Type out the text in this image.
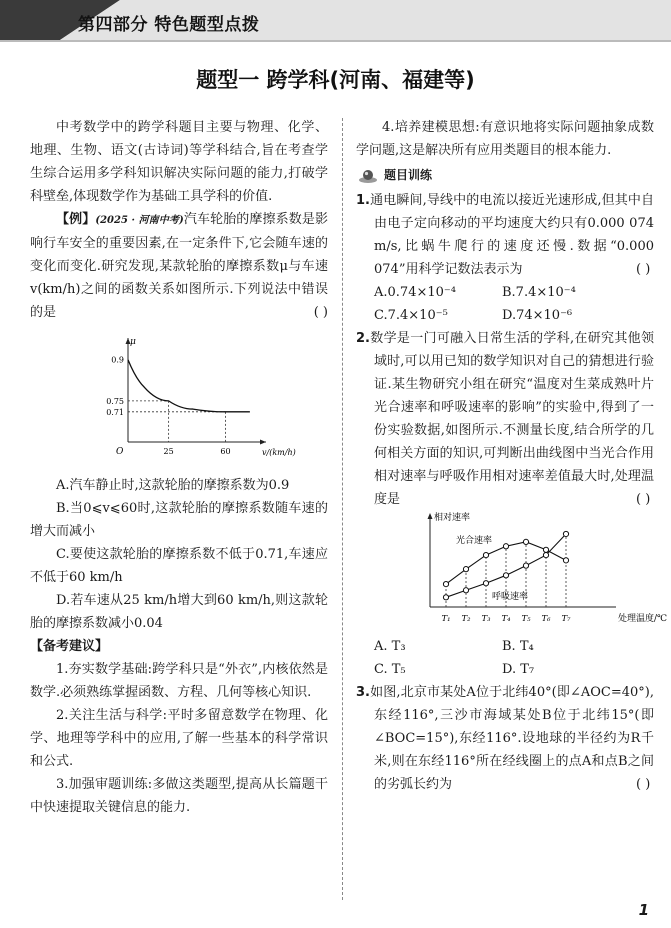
第四部分 特色题型点拨
题型一 跨学科(河南、福建等)

中考数学中的跨学科题目主要与物理、化学、地理、生物、语文(古诗词)等学科结合,旨在考查学生综合运用多学科知识解决实际问题的能力,打破学科壁垒,体现数学作为基础工具学科的价值.

【例】(2025 · 河南中考)汽车轮胎的摩擦系数是影响行车安全的重要因素,在一定条件下,它会随车速的变化而变化.研究发现,某款轮胎的摩擦系数μ与车速v(km/h)之间的函数关系如图所示.下列说法中错误的是	( )

μ
v/(km/h)
O
0.71
0.75
0.9
25	60

A.汽车静止时,这款轮胎的摩擦系数为0.9

B.当0⩽v⩽60时,这款轮胎的摩擦系数随车速的增大而减小

C.要使这款轮胎的摩擦系数不低于0.71,车速应不低于60 km/h

D.若车速从25 km/h增大到60 km/h,则这款轮胎的摩擦系数减小0.04

【备考建议】

1.夯实数学基础:跨学科只是“外衣”,内核依然是数学.必须熟练掌握函数、方程、几何等核心知识.

2.关注生活与科学:平时多留意数学在物理、化学、地理等学科中的应用,了解一些基本的科学常识和公式.

3.加强审题训练:多做这类题型,提高从长篇题干中快速提取关键信息的能力.

4.培养建模思想:有意识地将实际问题抽象成数学问题,这是解决所有应用类题目的根本能力.

题目训练

1.通电瞬间,导线中的电流以接近光速形成,但其中自由电子定向移动的平均速度大约只有0.000 074 m/s,比蜗牛爬行的速度还慢.数据“0.000 074”用科学记数法表示为	( )

A.0.74×10⁻⁴	B.7.4×10⁻⁴
C.7.4×10⁻⁵	D.74×10⁻⁶

2.数学是一门可融入日常生活的学科,在研究其他领域时,可以用已知的数学知识对自己的猜想进行验证.某生物研究小组在研究“温度对生菜成熟叶片光合速率和呼吸速率的影响”的实验中,得到了一份实验数据,如图所示.不测量长度,结合所学的几何相关方面的知识,可判断出曲线图中当光合作用相对速率与呼吸作用相对速率差值最大时,处理温度是	( )

相对速率
处理温度/℃
T₁ T₂ T₃ T₄ T₅ T₆ T₇
光合速率
呼吸速率
A. T₃	B. T₄
C. T₅	D. T₇

3.如图,北京市某处A位于北纬40°(即∠AOC=40°),东经116°,三沙市海域某处B位于北纬15°(即∠BOC=15°),东经116°.设地球的半径约为R千米,则在东经116°所在经线圈上的点A和点B之间的劣弧长约为	( )

1
